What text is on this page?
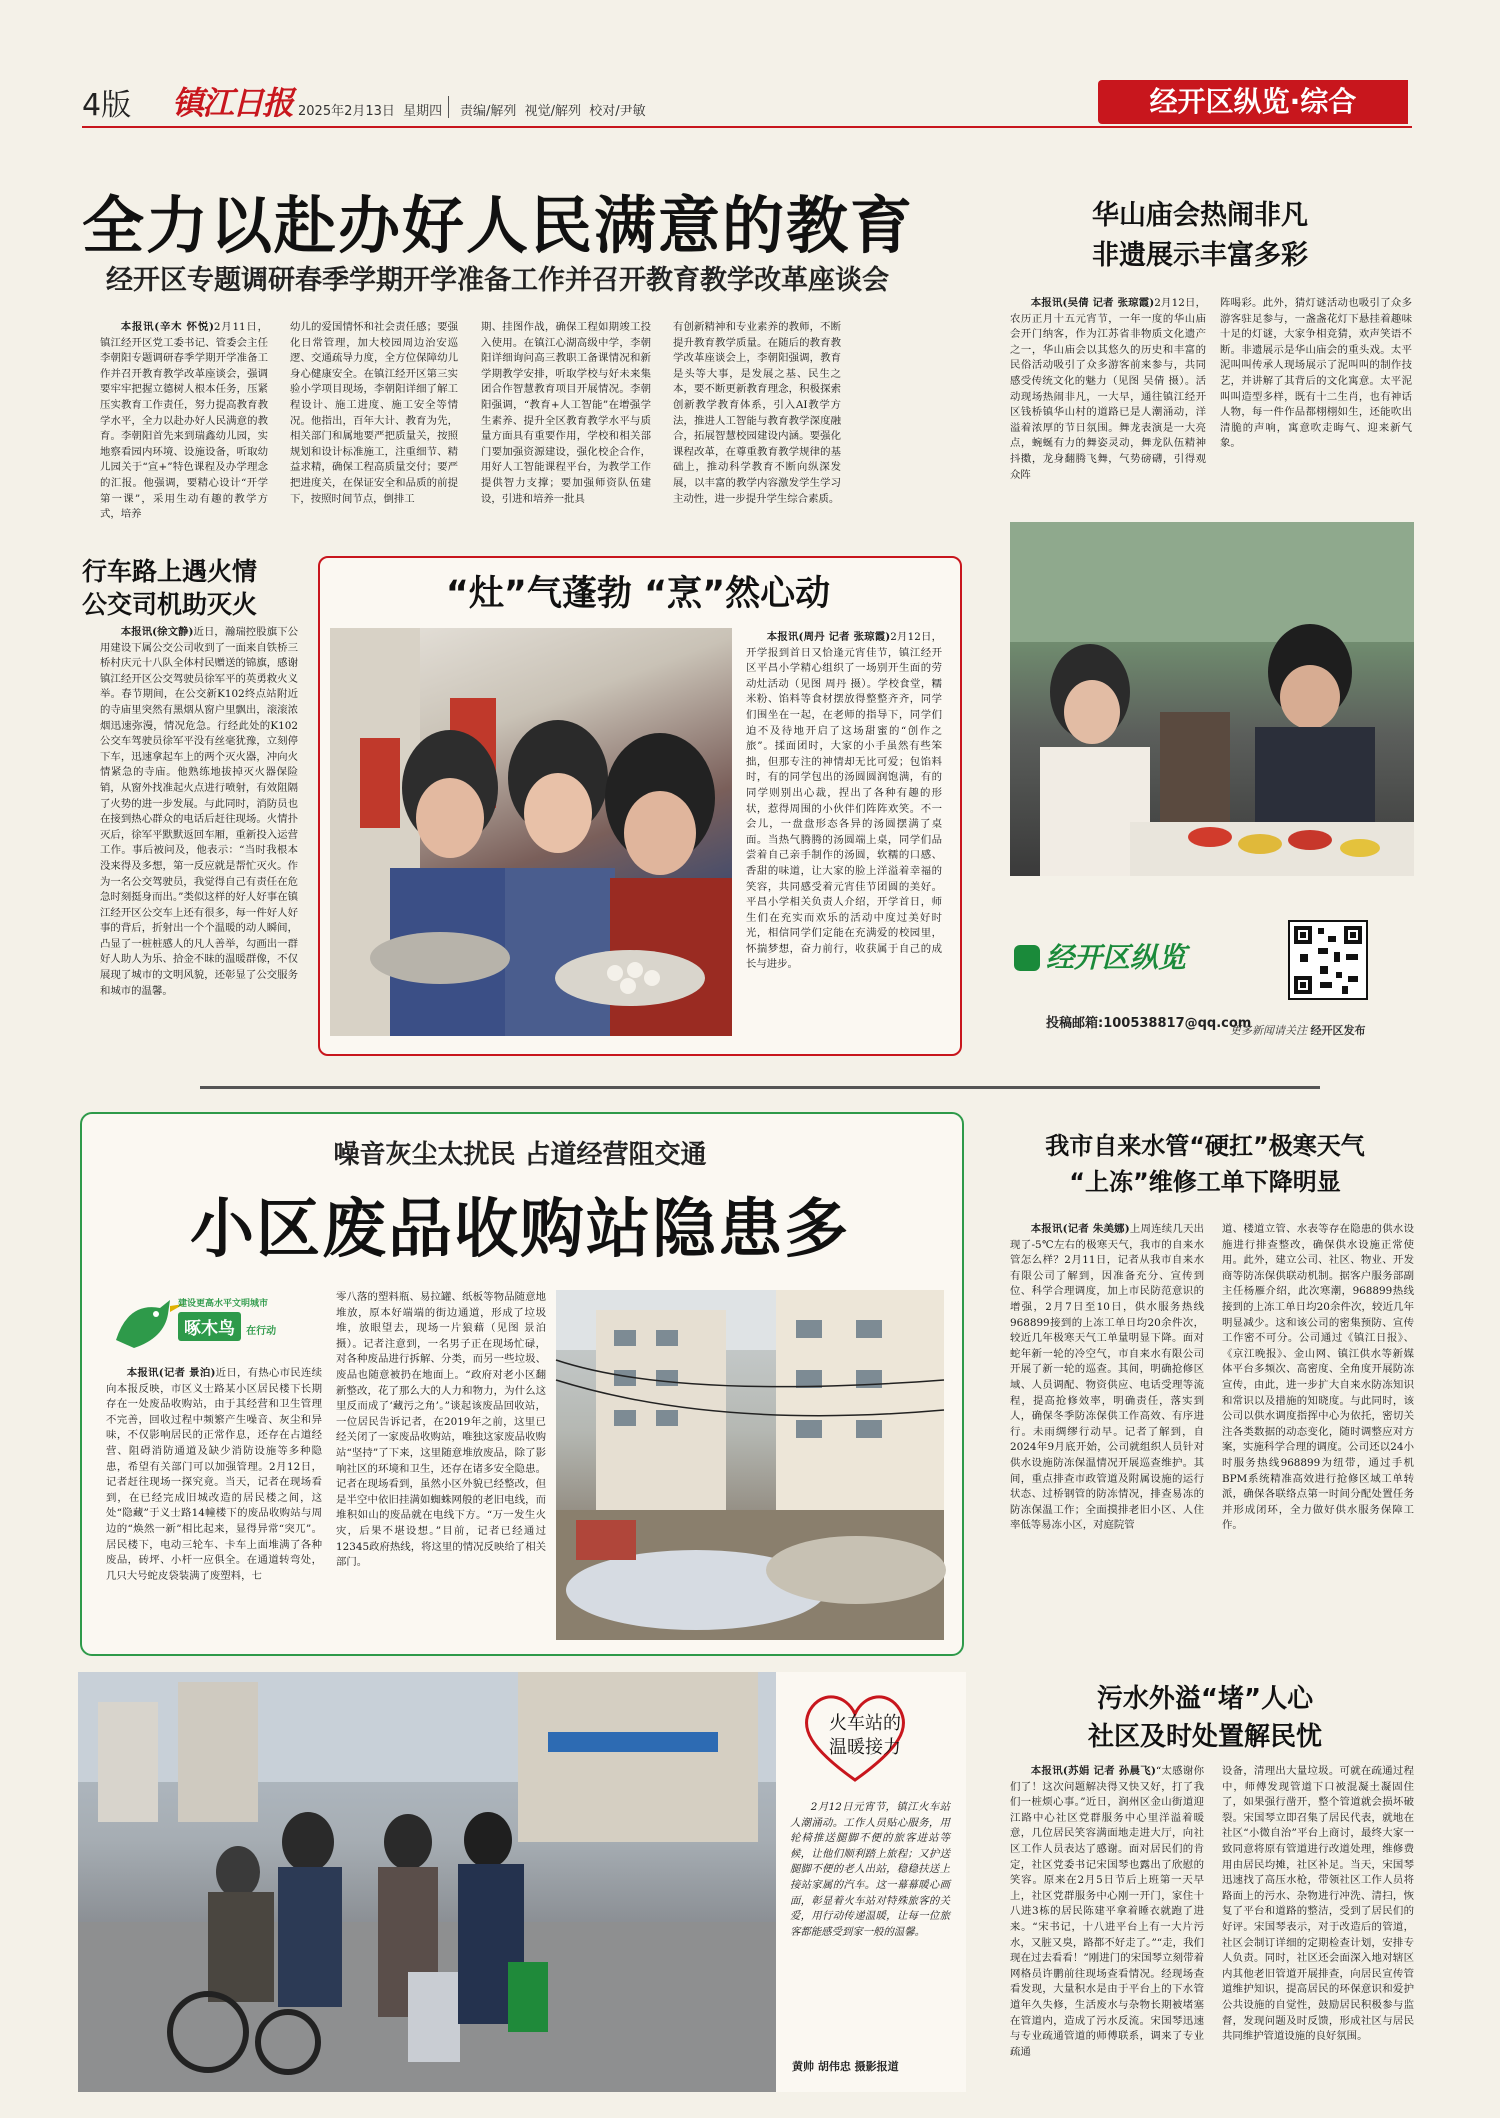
4版 镇江日报 2025年2月13日 星期四 责编/解列  视觉/解列  校对/尹敏	经开区纵览·综合
全力以赴办好人民满意的教育
经开区专题调研春季学期开学准备工作并召开教育教学改革座谈会

本报讯(辛木 怀悦)2月11日，镇江经开区党工委书记、管委会主任李朝阳专题调研春季学期开学准备工作并召开教育教学改革座谈会，强调要牢牢把握立德树人根本任务，压紧压实教育工作责任，努力提高教育教学水平，全力以赴办好人民满意的教育。李朝阳首先来到瑞鑫幼儿园，实地察看园内环境、设施设备，听取幼儿园关于“宣+”特色课程及办学理念的汇报。他强调，要精心设计“开学第一课”，采用生动有趣的教学方式，培养

幼儿的爱国情怀和社会责任感；要强化日常管理，加大校园周边治安巡逻、交通疏导力度，全方位保障幼儿身心健康安全。在镇江经开区第三实验小学项目现场，李朝阳详细了解工程设计、施工进度、施工安全等情况。他指出，百年大计、教育为先，相关部门和属地要严把质量关，按照规划和设计标准施工，注重细节、精益求精，确保工程高质量交付；要严把进度关，在保证安全和品质的前提下，按照时间节点，倒排工

期、挂图作战，确保工程如期竣工投入使用。在镇江心湖高级中学，李朝阳详细询问高三教职工备课情况和新学期教学安排，听取学校与好未来集团合作智慧教育项目开展情况。李朝阳强调，“教育+人工智能”在增强学生素养、提升全区教育教学水平与质量方面具有重要作用，学校和相关部门要加强资源建设，强化校企合作，用好人工智能课程平台，为教学工作提供智力支撑；要加强师资队伍建设，引进和培养一批具

有创新精神和专业素养的教师，不断提升教育教学质量。在随后的教育教学改革座谈会上，李朝阳强调，教育是头等大事，是发展之基、民生之本，要不断更新教育理念，积极探索创新教学教育体系，引入AI教学方法，推进人工智能与教育教学深度融合，拓展智慧校园建设内涵。要强化课程改革，在尊重教育教学规律的基础上，推动科学教育不断向纵深发展，以丰富的教学内容激发学生学习主动性，进一步提升学生综合素质。

行车路上遇火情
公交司机助灭火

本报讯(徐文静)近日，瀚瑞控股旗下公用建设下属公交公司收到了一面来自铁桥三桥村庆元十八队全体村民赠送的锦旗，感谢镇江经开区公交驾驶员徐军平的英勇救火义举。春节期间，在公交新K102终点站附近的寺庙里突然有黑烟从窗户里飘出，滚滚浓烟迅速弥漫，情况危急。行经此处的K102公交车驾驶员徐军平没有丝毫犹豫，立刻停下车，迅速拿起车上的两个灭火器，冲向火情紧急的寺庙。他熟练地拔掉灭火器保险销，从窗外找准起火点进行喷射，有效阻隔了火势的进一步发展。与此同时，消防员也在接到热心群众的电话后赶往现场。火情扑灭后，徐军平默默返回车厢，重新投入运营工作。事后被问及，他表示：“当时我根本没来得及多想，第一反应就是帮忙灭火。作为一名公交驾驶员，我觉得自己有责任在危急时刻挺身而出。”类似这样的好人好事在镇江经开区公交车上还有很多，每一件好人好事的背后，折射出一个个温暖的动人瞬间，凸显了一桩桩感人的凡人善举，勾画出一群好人助人为乐、拾金不昧的温暖群像，不仅展现了城市的文明风貌，还彰显了公交服务和城市的温馨。

“灶”气蓬勃 “烹”然心动

本报讯(周丹 记者 张琼霞)2月12日，开学报到首日又恰逢元宵佳节，镇江经开区平昌小学精心组织了一场别开生面的劳动灶活动（见图 周丹 摄）。学校食堂，糯米粉、馅料等食材摆放得整整齐齐，同学们围坐在一起，在老师的指导下，同学们迫不及待地开启了这场甜蜜的“创作之旅”。揉面团时，大家的小手虽然有些笨拙，但那专注的神情却无比可爱；包馅料时，有的同学包出的汤圆圆润饱满，有的同学则别出心裁，捏出了各种有趣的形状，惹得周围的小伙伴们阵阵欢笑。不一会儿，一盘盘形态各异的汤圆摆满了桌面。当热气腾腾的汤圆端上桌，同学们品尝着自己亲手制作的汤圆，软糯的口感、香甜的味道，让大家的脸上洋溢着幸福的笑容，共同感受着元宵佳节团圆的美好。平昌小学相关负责人介绍，开学首日，师生们在充实而欢乐的活动中度过美好时光，相信同学们定能在充满爱的校园里，怀揣梦想，奋力前行，收获属于自己的成长与进步。

华山庙会热闹非凡
非遗展示丰富多彩

本报讯(吴倩 记者 张琼霞)2月12日，农历正月十五元宵节，一年一度的华山庙会开门纳客，作为江苏省非物质文化遗产之一，华山庙会以其悠久的历史和丰富的民俗活动吸引了众多游客前来参与，共同感受传统文化的魅力（见图 吴倩 摄）。活动现场热闹非凡，一大早，通往镇江经开区钱桥镇华山村的道路已是人潮涌动，洋溢着浓厚的节日氛围。舞龙表演是一大亮点，蜿蜒有力的舞姿灵动，舞龙队伍精神抖擞，龙身翻腾飞舞，气势磅礴，引得观众阵

阵喝彩。此外，猜灯谜活动也吸引了众多游客驻足参与，一盏盏花灯下悬挂着趣味十足的灯谜，大家争相竞猜，欢声笑语不断。非遗展示是华山庙会的重头戏。太平泥叫叫传承人现场展示了泥叫叫的制作技艺，并讲解了其背后的文化寓意。太平泥叫叫造型多样，既有十二生肖，也有神话人物，每一件作品都栩栩如生，还能吹出清脆的声响，寓意吹走晦气、迎来新气象。

经开区纵览
投稿邮箱:100538817@qq.com
更多新闻请关注 经开区发布
噪音灰尘太扰民 占道经营阻交通
小区废品收购站隐患多
建设更高水平文明城市
啄木鸟 在行动

本报讯(记者 景泊)近日，有热心市民连续向本报反映，市区义士路某小区居民楼下长期存在一处废品收购站，由于其经营和卫生管理不完善，回收过程中频繁产生噪音、灰尘和异味，不仅影响居民的正常作息，还存在占道经营、阻碍消防通道及缺少消防设施等多种隐患，希望有关部门可以加强管理。2月12日，记者赶往现场一探究竟。当天，记者在现场看到，在已经完成旧城改造的居民楼之间，这处“隐藏”于义士路14幢楼下的废品收购站与周边的“焕然一新”相比起来，显得异常“突兀”。居民楼下，电动三轮车、卡车上面堆满了各种废品，砖坪、小杆一应俱全。在通道转弯处，几只大号蛇皮袋装满了废塑料，七

零八落的塑料瓶、易拉罐、纸板等物品随意地堆放，原本好端端的街边通道，形成了垃圾堆，放眼望去，现场一片狼藉（见图 景泊 摄）。记者注意到，一名男子正在现场忙碌，对各种废品进行拆解、分类，而另一些垃圾、废品也随意被扔在地面上。“政府对老小区翻新整改，花了那么大的人力和物力，为什么这里反而成了‘藏污之角’。”谈起该废品回收站，一位居民告诉记者，在2019年之前，这里已经关闭了一家废品收购站，唯独这家废品收购站“坚持”了下来，这里随意堆放废品，除了影响社区的环境和卫生，还存在诸多安全隐患。记者在现场看到，虽然小区外貌已经整改，但是半空中依旧挂满如蜘蛛网般的老旧电线，而堆积如山的废品就在电线下方。“万一发生火灾，后果不堪设想。”目前，记者已经通过12345政府热线，将这里的情况反映给了相关部门。

我市自来水管“硬扛”极寒天气
“上冻”维修工单下降明显

本报讯(记者 朱美娜)上周连续几天出现了-5℃左右的极寒天气，我市的自来水管怎么样？2月11日，记者从我市自来水有限公司了解到，因准备充分、宣传到位、科学合理调度，加上市民防范意识的增强，2月7日至10日，供水服务热线968899接到的上冻工单日均20余件次，较近几年极寒天气工单量明显下降。面对蛇年新一轮的冷空气，市自来水有限公司开展了新一轮的巡查。其间，明确抢修区域、人员调配、物资供应、电话受理等流程，提高抢修效率，明确责任，落实到人，确保冬季防冻保供工作高效、有序进行。未雨绸缪行动早。记者了解到，自2024年9月底开始，公司就组织人员针对供水设施防冻保温情况开展巡查维护。其间，重点排查市政管道及附属设施的运行状态、过桥钢管的防冻情况，排查易冻的防冻保温工作；全面摸排老旧小区、人住率低等易冻小区，对庭院管

道、楼道立管、水表等存在隐患的供水设施进行排查整改，确保供水设施正常使用。此外，建立公司、社区、物业、开发商等防冻保供联动机制。据客户服务部副主任杨雁介绍，此次寒潮，968899热线接到的上冻工单日均20余件次，较近几年明显减少。这和该公司的密集预防、宣传工作密不可分。公司通过《镇江日报》、《京江晚报》、金山网、镇江供水等新媒体平台多频次、高密度、全角度开展防冻宣传，由此，进一步扩大自来水防冻知识和常识以及措施的知晓度。与此同时，该公司以供水调度指挥中心为依托，密切关注各类数据的动态变化，随时调整应对方案，实施科学合理的调度。公司还以24小时服务热线968899为纽带，通过手机BPM系统精准高效进行抢修区域工单转派，确保各联络点第一时间分配处置任务并形成闭环，全力做好供水服务保障工作。

污水外溢“堵”人心
社区及时处置解民忧

本报讯(苏娟 记者 孙晨飞)“太感谢你们了！这次问题解决得又快又好，打了我们一桩烦心事。”近日，润州区金山街道迎江路中心社区党群服务中心里洋溢着暖意，几位居民笑容满面地走进大厅，向社区工作人员表达了感谢。面对居民们的肯定，社区党委书记宋国琴也露出了欣慰的笑容。原来在2月5日节后上班第一天早上，社区党群服务中心刚一开门，家住十八进3栋的居民陈建平拿着睡衣就跑了进来。“宋书记，十八进平台上有一大片污水，又脏又臭，路都不好走了。”“走，我们现在过去看看！”刚进门的宋国琴立刻带着网格员许鹏前往现场查看情况。经现场查看发现，大量积水是由于平台上的下水管道年久失修，生活废水与杂物长期被堵塞在管道内，造成了污水反流。宋国琴迅速与专业疏通管道的师傅联系，调来了专业疏通

设备，清理出大量垃圾。可就在疏通过程中，师傅发现管道下口被混凝土凝固住了，如果强行凿开，整个管道就会损坏破裂。宋国琴立即召集了居民代表，就地在社区“小微自治”平台上商讨，最终大家一致同意将原有管道进行改道处理，维修费用由居民均摊，社区补足。当天，宋国琴迅速找了高压水枪，带领社区工作人员将路面上的污水、杂物进行冲洗、清扫，恢复了平台和道路的整洁，受到了居民们的好评。宋国琴表示，对于改造后的管道，社区会制订详细的定期检查计划，安排专人负责。同时，社区还会面深入地对辖区内其他老旧管道开展排查，向居民宣传管道维护知识，提高居民的环保意识和爱护公共设施的自觉性，鼓励居民积极参与监督，发现问题及时反馈，形成社区与居民共同维护管道设施的良好氛围。

火车站的
温暖接力

2月12日元宵节，镇江火车站人潮涌动。工作人员贴心服务，用轮椅推送腿脚不便的旅客进站等候，让他们顺利踏上旅程；又护送腿脚不便的老人出站，稳稳扶送上接站家属的汽车。这一幕幕暖心画面，彰显着火车站对特殊旅客的关爱，用行动传递温暖，让每一位旅客都能感受到家一般的温馨。

黄帅 胡伟忠 摄影报道
